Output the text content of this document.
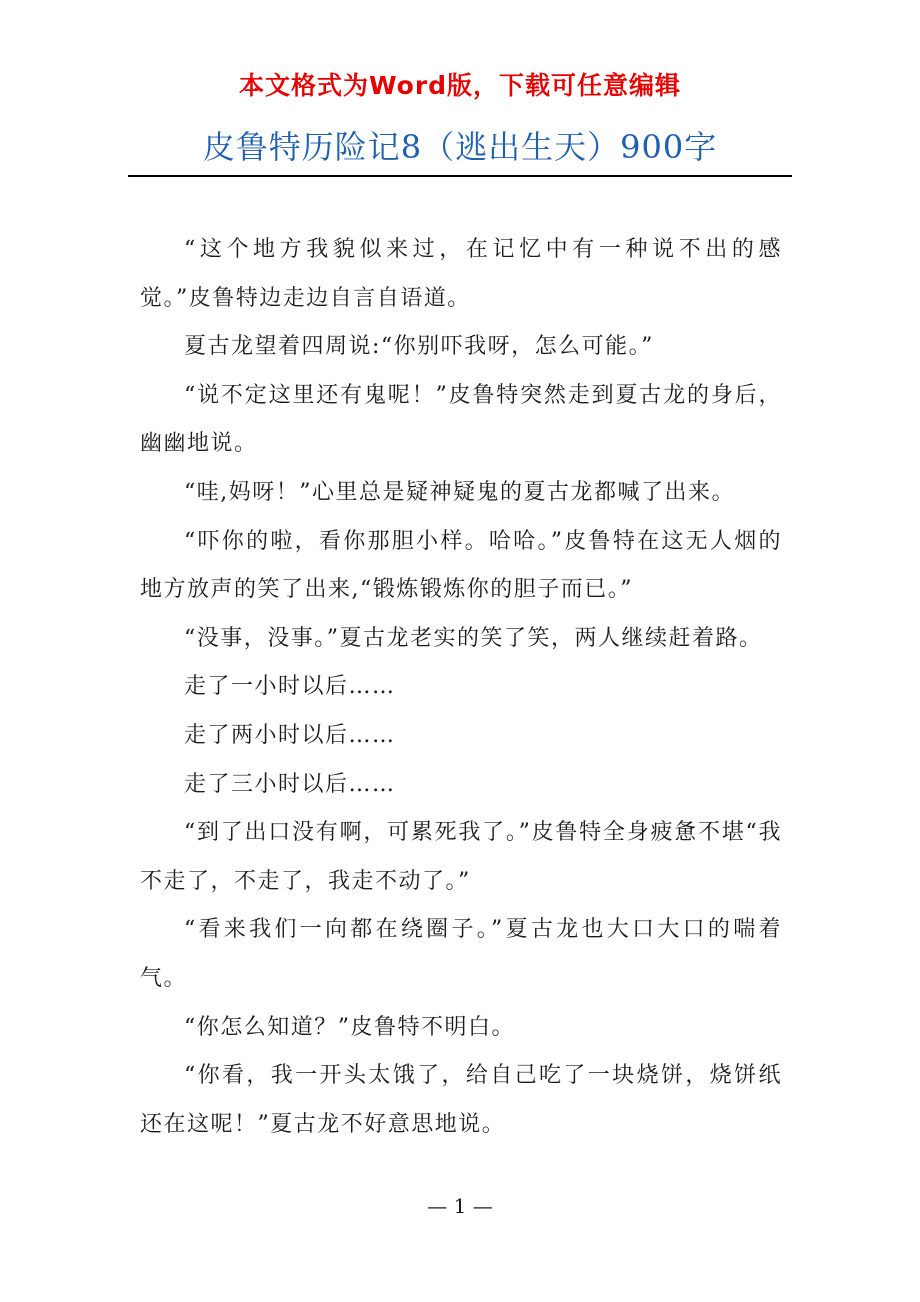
本文格式为Word版，下载可任意编辑
皮鲁特历险记8（逃出生天）900字

“这个地方我貌似来过，在记忆中有一种说不出的感觉。”皮鲁特边走边自言自语道。

夏古龙望着四周说:“你别吓我呀，怎么可能。”

“说不定这里还有鬼呢！”皮鲁特突然走到夏古龙的身后，幽幽地说。

“哇,妈呀！”心里总是疑神疑鬼的夏古龙都喊了出来。

“吓你的啦，看你那胆小样。哈哈。”皮鲁特在这无人烟的地方放声的笑了出来,“锻炼锻炼你的胆子而已。”

“没事，没事。”夏古龙老实的笑了笑，两人继续赶着路。

走了一小时以后……

走了两小时以后……

走了三小时以后……

“到了出口没有啊，可累死我了。”皮鲁特全身疲惫不堪“我不走了，不走了，我走不动了。”

“看来我们一向都在绕圈子。”夏古龙也大口大口的喘着气。

“你怎么知道？”皮鲁特不明白。

“你看，我一开头太饿了，给自己吃了一块烧饼，烧饼纸还在这呢！”夏古龙不好意思地说。

— 1 —
